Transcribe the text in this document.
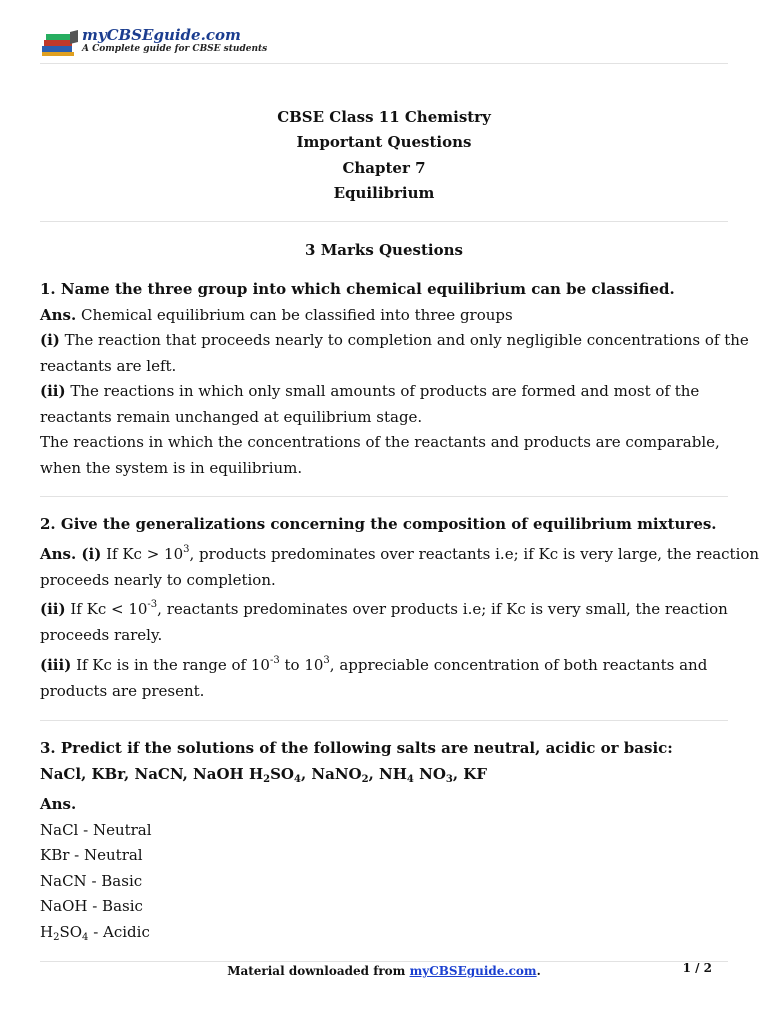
myCBSEguide.com
A Complete guide for CBSE students
CBSE Class 11 Chemistry
Important Questions
Chapter 7
Equilibrium
3 Marks Questions
1. Name the three group into which chemical equilibrium can be classified.
Ans. Chemical equilibrium can be classified into three groups
(i) The reaction that proceeds nearly to completion and only negligible concentrations of the
reactants are left.
(ii) The reactions in which only small amounts of products are formed and most of the
reactants remain unchanged at equilibrium stage.
The reactions in which the concentrations of the reactants and products are comparable,
when the system is in equilibrium.
2. Give the generalizations concerning the composition of equilibrium mixtures.
Ans. (i) If $Kc > 10^3$, products predominates over reactants i.e; if Kc is very large, the reaction
proceeds nearly to completion.
(ii) If $Kc < 10^{-3}$, reactants predominates over products i.e; if Kc is very small, the reaction
proceeds rarely.
(iii) If Kc is in the range of $10^{-3}$ to $10^3$, appreciable concentration of both reactants and
products are present.
3. Predict if the solutions of the following salts are neutral, acidic or basic:
NaCl, KBr, NaCN, NaOH $H_2SO_4$, NaNO$_2$, $NH_4$ $NO_3$, KF
Ans.
NaCl - Neutral
KBr - Neutral
NaCN - Basic
NaOH - Basic
$H_2SO_4$ - Acidic
Material downloaded from myCBSEguide.com.	1 / 2
